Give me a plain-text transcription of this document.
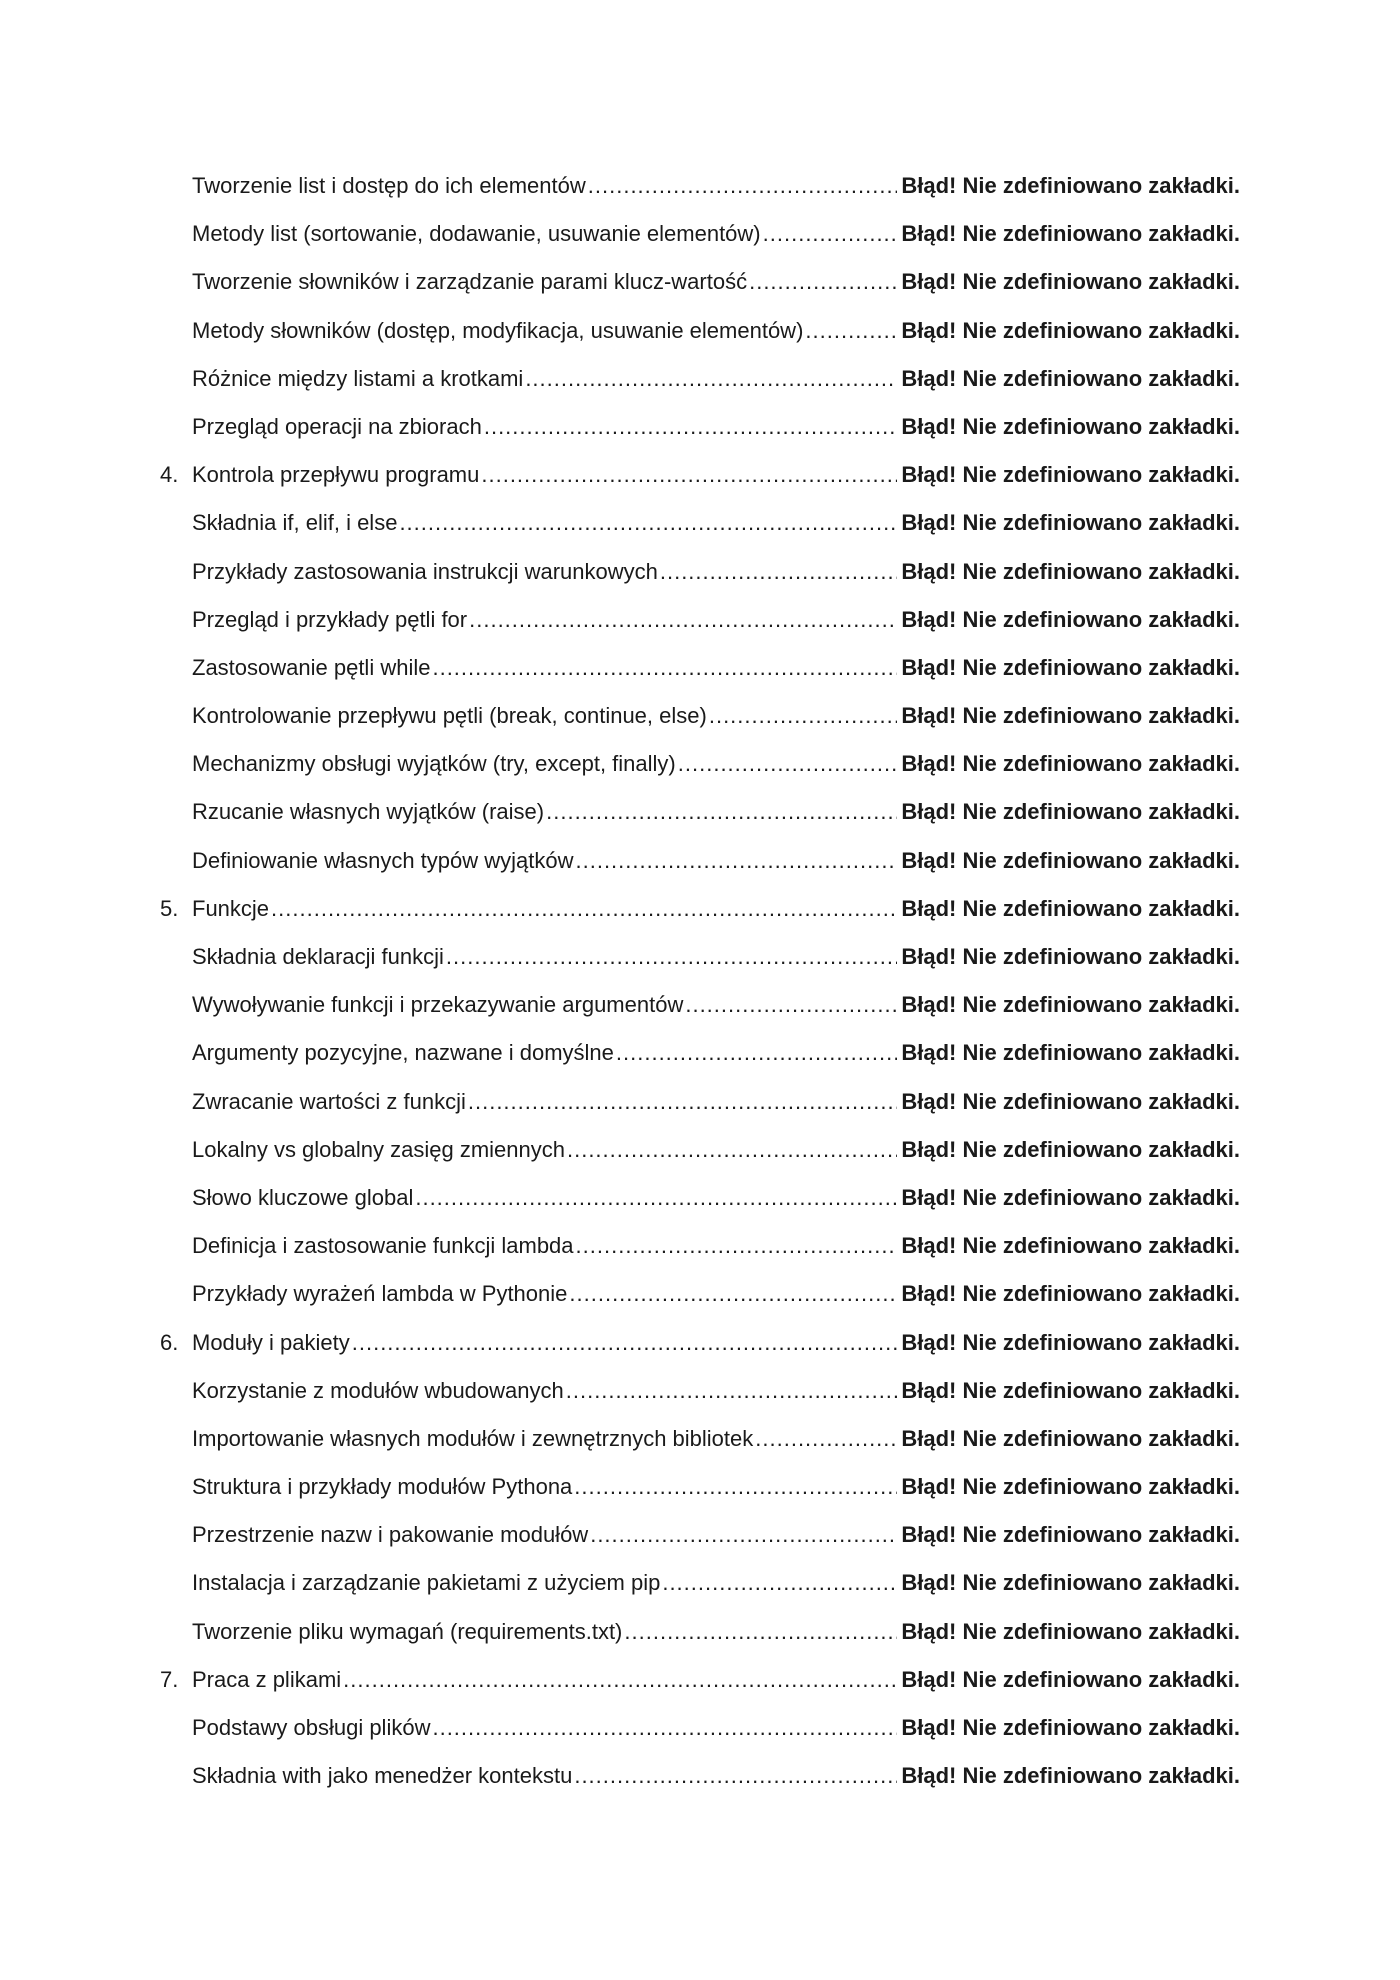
Tworzenie list i dostęp do ich elementów .....	Błąd! Nie zdefiniowano zakładki.
Metody list (sortowanie, dodawanie, usuwanie elementów) .....	Błąd! Nie zdefiniowano zakładki.
Tworzenie słowników i zarządzanie parami klucz-wartość .....	Błąd! Nie zdefiniowano zakładki.
Metody słowników (dostęp, modyfikacja, usuwanie elementów) .....	Błąd! Nie zdefiniowano zakładki.
Różnice między listami a krotkami .....	Błąd! Nie zdefiniowano zakładki.
Przegląd operacji na zbiorach .....	Błąd! Nie zdefiniowano zakładki.
4. Kontrola przepływu programu .....	Błąd! Nie zdefiniowano zakładki.
Składnia if, elif, i else .....	Błąd! Nie zdefiniowano zakładki.
Przykłady zastosowania instrukcji warunkowych .....	Błąd! Nie zdefiniowano zakładki.
Przegląd i przykłady pętli for .....	Błąd! Nie zdefiniowano zakładki.
Zastosowanie pętli while .....	Błąd! Nie zdefiniowano zakładki.
Kontrolowanie przepływu pętli (break, continue, else) .....	Błąd! Nie zdefiniowano zakładki.
Mechanizmy obsługi wyjątków (try, except, finally) .....	Błąd! Nie zdefiniowano zakładki.
Rzucanie własnych wyjątków (raise) .....	Błąd! Nie zdefiniowano zakładki.
Definiowanie własnych typów wyjątków .....	Błąd! Nie zdefiniowano zakładki.
5. Funkcje .....	Błąd! Nie zdefiniowano zakładki.
Składnia deklaracji funkcji .....	Błąd! Nie zdefiniowano zakładki.
Wywoływanie funkcji i przekazywanie argumentów .....	Błąd! Nie zdefiniowano zakładki.
Argumenty pozycyjne, nazwane i domyślne .....	Błąd! Nie zdefiniowano zakładki.
Zwracanie wartości z funkcji .....	Błąd! Nie zdefiniowano zakładki.
Lokalny vs globalny zasięg zmiennych .....	Błąd! Nie zdefiniowano zakładki.
Słowo kluczowe global .....	Błąd! Nie zdefiniowano zakładki.
Definicja i zastosowanie funkcji lambda .....	Błąd! Nie zdefiniowano zakładki.
Przykłady wyrażeń lambda w Pythonie .....	Błąd! Nie zdefiniowano zakładki.
6. Moduły i pakiety .....	Błąd! Nie zdefiniowano zakładki.
Korzystanie z modułów wbudowanych .....	Błąd! Nie zdefiniowano zakładki.
Importowanie własnych modułów i zewnętrznych bibliotek .....	Błąd! Nie zdefiniowano zakładki.
Struktura i przykłady modułów Pythona .....	Błąd! Nie zdefiniowano zakładki.
Przestrzenie nazw i pakowanie modułów .....	Błąd! Nie zdefiniowano zakładki.
Instalacja i zarządzanie pakietami z użyciem pip .....	Błąd! Nie zdefiniowano zakładki.
Tworzenie pliku wymagań (requirements.txt) .....	Błąd! Nie zdefiniowano zakładki.
7. Praca z plikami .....	Błąd! Nie zdefiniowano zakładki.
Podstawy obsługi plików .....	Błąd! Nie zdefiniowano zakładki.
Składnia with jako menedżer kontekstu .....	Błąd! Nie zdefiniowano zakładki.
